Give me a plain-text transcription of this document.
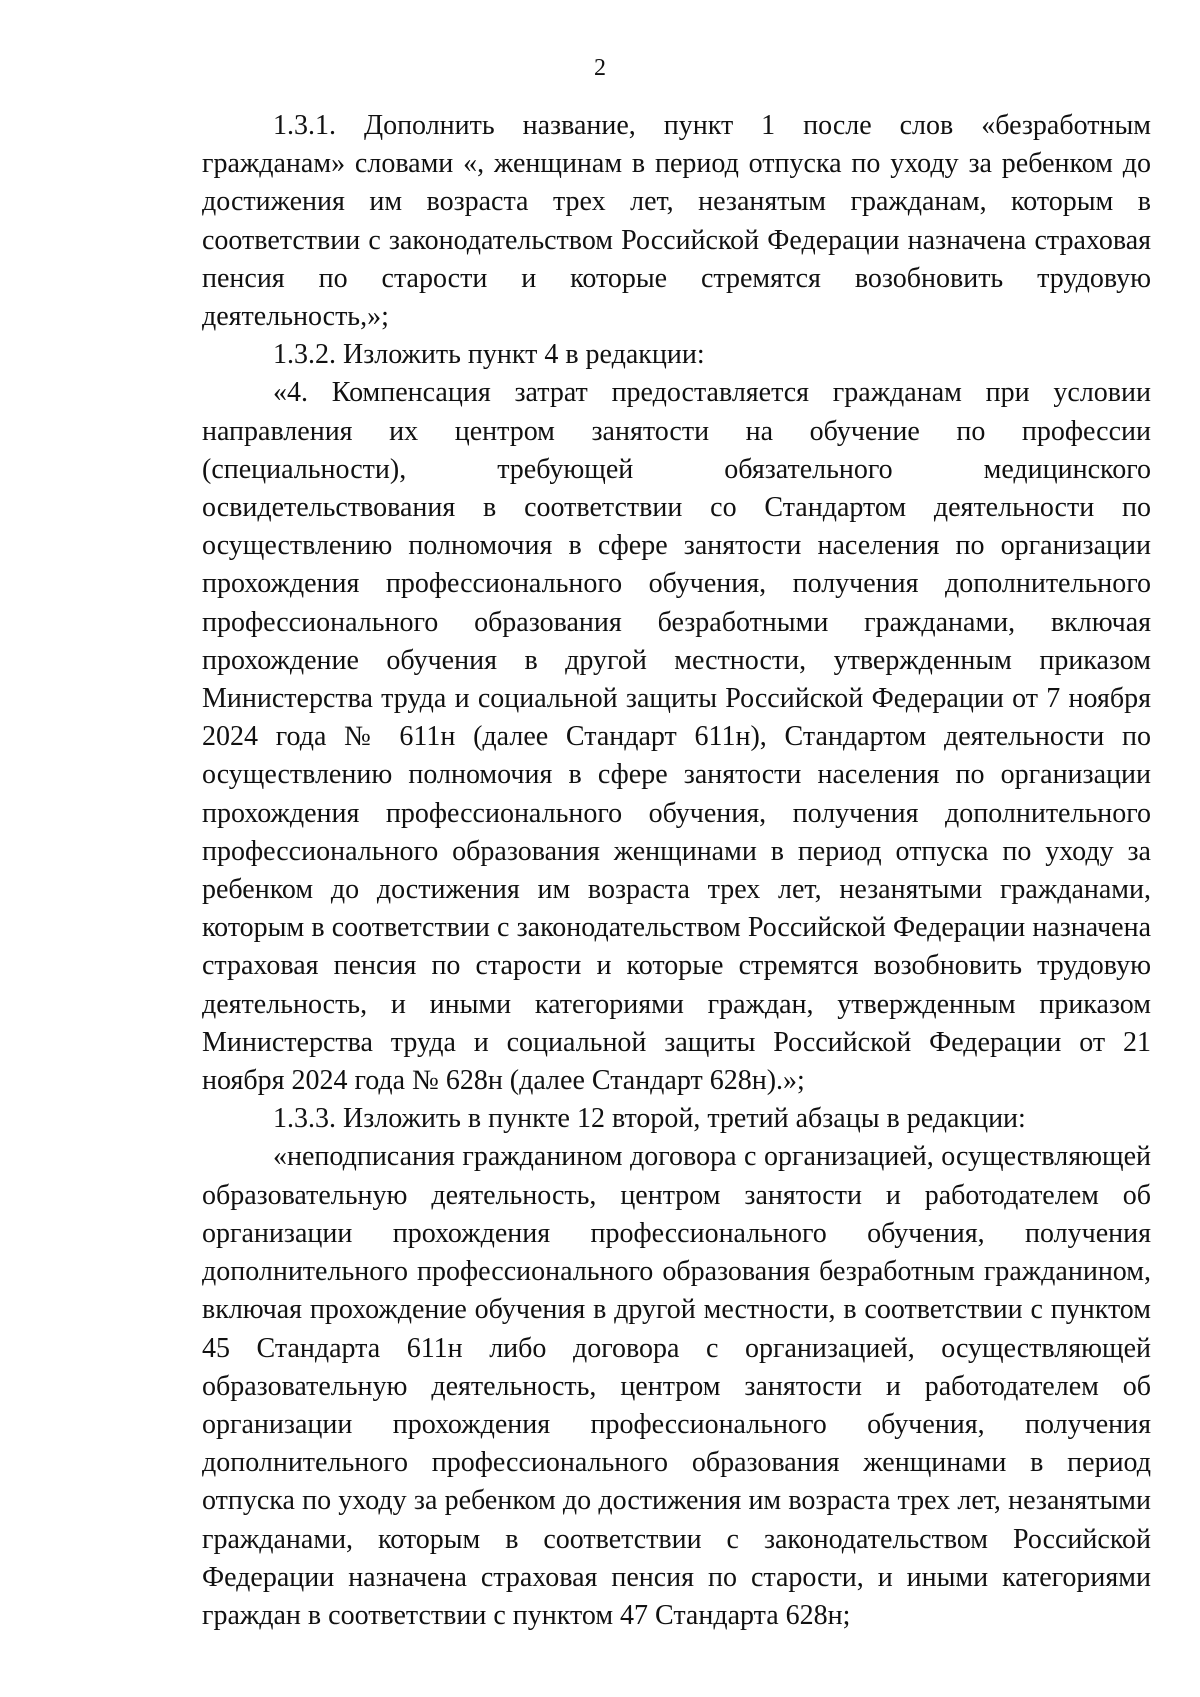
2

1.3.1. Дополнить название, пункт 1 после слов «безработным гражданам» словами «, женщинам в период отпуска по уходу за ребенком до достижения им возраста трех лет, незанятым гражданам, которым в соответствии с законодательством Российской Федерации назначена страховая пенсия по старости и которые стремятся возобновить трудовую деятельность,»;

1.3.2. Изложить пункт 4 в редакции:

«4. Компенсация затрат предоставляется гражданам при условии направления их центром занятости на обучение по профессии (специальности), требующей обязательного медицинского освидетельствования в соответствии со Стандартом деятельности по осуществлению полномочия в сфере занятости населения по организации прохождения профессионального обучения, получения дополнительного профессионального образования безработными гражданами, включая прохождение обучения в другой местности, утвержденным приказом Министерства труда и социальной защиты Российской Федерации от 7 ноября 2024 года № 611н (далее Стандарт 611н), Стандартом деятельности по осуществлению полномочия в сфере занятости населения по организации прохождения профессионального обучения, получения дополнительного профессионального образования женщинами в период отпуска по уходу за ребенком до достижения им возраста трех лет, незанятыми гражданами, которым в соответствии с законодательством Российской Федерации назначена страховая пенсия по старости и которые стремятся возобновить трудовую деятельность, и иными категориями граждан, утвержденным приказом Министерства труда и социальной защиты Российской Федерации от 21 ноября 2024 года № 628н (далее Стандарт 628н).»;

1.3.3. Изложить в пункте 12 второй, третий абзацы в редакции:

«неподписания гражданином договора с организацией, осуществляющей образовательную деятельность, центром занятости и работодателем об организации прохождения профессионального обучения, получения дополнительного профессионального образования безработным гражданином, включая прохождение обучения в другой местности, в соответствии с пунктом 45 Стандарта 611н либо договора с организацией, осуществляющей образовательную деятельность, центром занятости и работодателем об организации прохождения профессионального обучения, получения дополнительного профессионального образования женщинами в период отпуска по уходу за ребенком до достижения им возраста трех лет, незанятыми гражданами, которым в соответствии с законодательством Российской Федерации назначена страховая пенсия по старости, и иными категориями граждан в соответствии с пунктом 47 Стандарта 628н;
